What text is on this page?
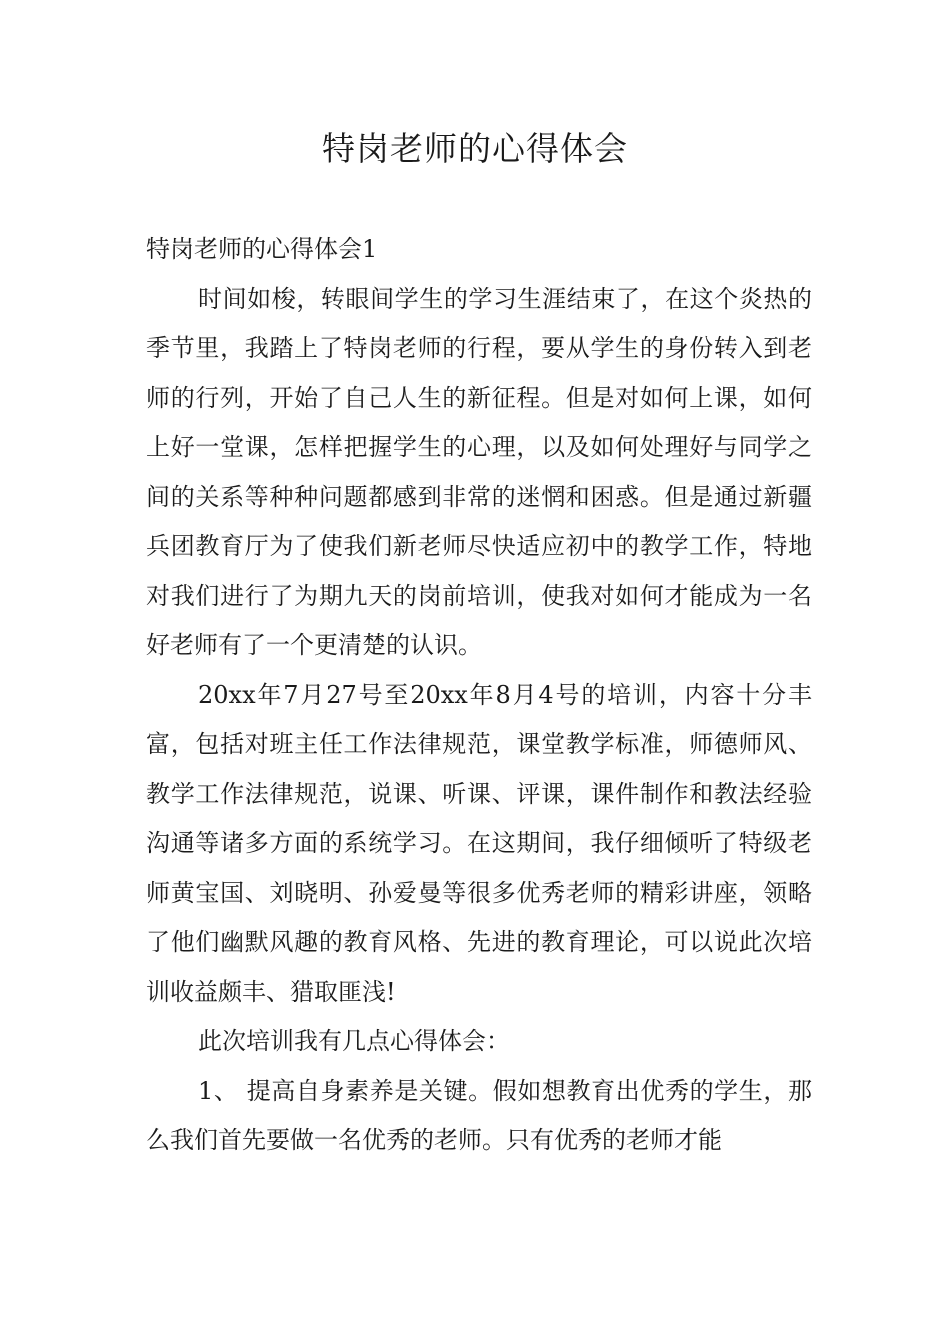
特岗老师的心得体会

特岗老师的心得体会1

时间如梭，转眼间学生的学习生涯结束了，在这个炎热的季节里，我踏上了特岗老师的行程，要从学生的身份转入到老师的行列，开始了自己人生的新征程。但是对如何上课，如何上好一堂课，怎样把握学生的心理，以及如何处理好与同学之间的关系等种种问题都感到非常的迷惘和困惑。但是通过新疆兵团教育厅为了使我们新老师尽快适应初中的教学工作，特地对我们进行了为期九天的岗前培训，使我对如何才能成为一名好老师有了一个更清楚的认识。

20xx年7月27号至20xx年8月4号的培训，内容十分丰富，包括对班主任工作法律规范，课堂教学标准，师德师风、教学工作法律规范，说课、听课、评课，课件制作和教法经验沟通等诸多方面的系统学习。在这期间，我仔细倾听了特级老师黄宝国、刘晓明、孙爱曼等很多优秀老师的精彩讲座，领略了他们幽默风趣的教育风格、先进的教育理论，可以说此次培训收益颇丰、猎取匪浅!

此次培训我有几点心得体会：

1、 提高自身素养是关键。假如想教育出优秀的学生，那么我们首先要做一名优秀的老师。只有优秀的老师才能
